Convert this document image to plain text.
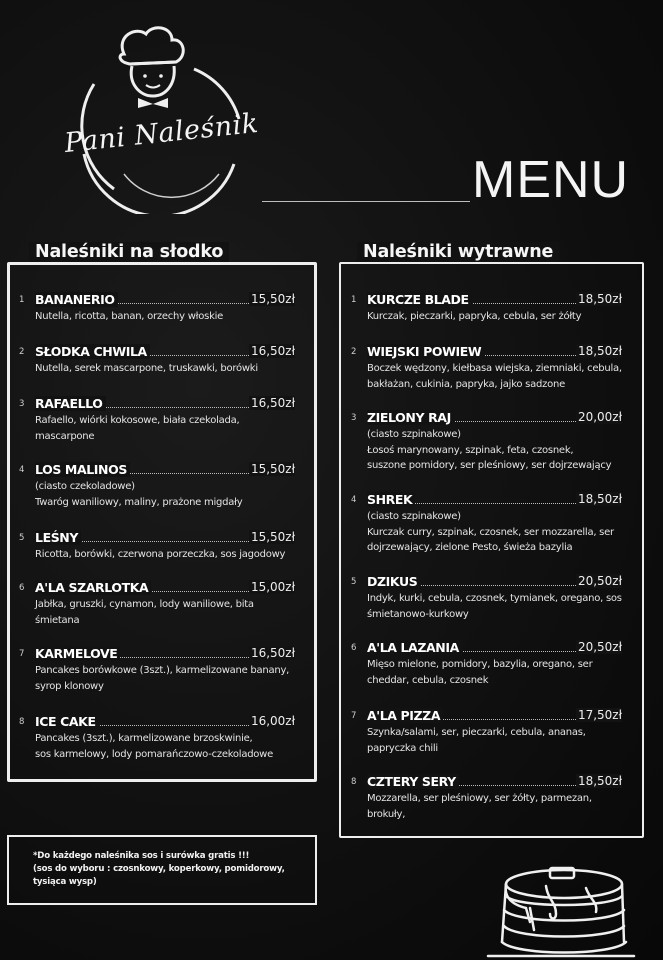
Pani Naleśnik
MENU
Naleśniki na słodko
1 BANANERIO	15,50zł
Nutella, ricotta, banan, orzechy włoskie
2 SŁODKA CHWILA	16,50zł
Nutella, serek mascarpone, truskawki, borówki
3 RAFAELLO	16,50zł
Rafaello, wiórki kokosowe, biała czekolada,
mascarpone
4 LOS MALINOS	15,50zł
(ciasto czekoladowe)
Twaróg waniliowy, maliny, prażone migdały
5 LEŚNY	15,50zł
Ricotta, borówki, czerwona porzeczka, sos jagodowy
6 A'LA SZARLOTKA	15,00zł
Jabłka, gruszki, cynamon, lody waniliowe, bita
śmietana
7 KARMELOVE	16,50zł
Pancakes borówkowe (3szt.), karmelizowane banany,
syrop klonowy
8 ICE CAKE	16,00zł
Pancakes (3szt.), karmelizowane brzoskwinie,
sos karmelowy, lody pomarańczowo-czekoladowe
Naleśniki wytrawne
1 KURCZE BLADE	18,50zł
Kurczak, pieczarki, papryka, cebula, ser żółty
2 WIEJSKI POWIEW	18,50zł
Boczek wędzony, kiełbasa wiejska, ziemniaki, cebula,
bakłażan, cukinia, papryka, jajko sadzone
3 ZIELONY RAJ	20,00zł
(ciasto szpinakowe)
Łosoś marynowany, szpinak, feta, czosnek,
suszone pomidory, ser pleśniowy, ser dojrzewający
4 SHREK	18,50zł
(ciasto szpinakowe)
Kurczak curry, szpinak, czosnek, ser mozzarella, ser
dojrzewający, zielone Pesto, świeża bazylia
5 DZIKUS	20,50zł
Indyk, kurki, cebula, czosnek, tymianek, oregano, sos
śmietanowo-kurkowy
6 A'LA LAZANIA	20,50zł
Mięso mielone, pomidory, bazylia, oregano, ser
cheddar, cebula, czosnek
7 A'LA PIZZA	17,50zł
Szynka/salami, ser, pieczarki, cebula, ananas,
papryczka chili
8 CZTERY SERY	18,50zł
Mozzarella, ser pleśniowy, ser żółty, parmezan,
brokuły,
*Do każdego naleśnika sos i surówka gratis !!!
(sos do wyboru : czosnkowy, koperkowy, pomidorowy,
tysiąca wysp)
